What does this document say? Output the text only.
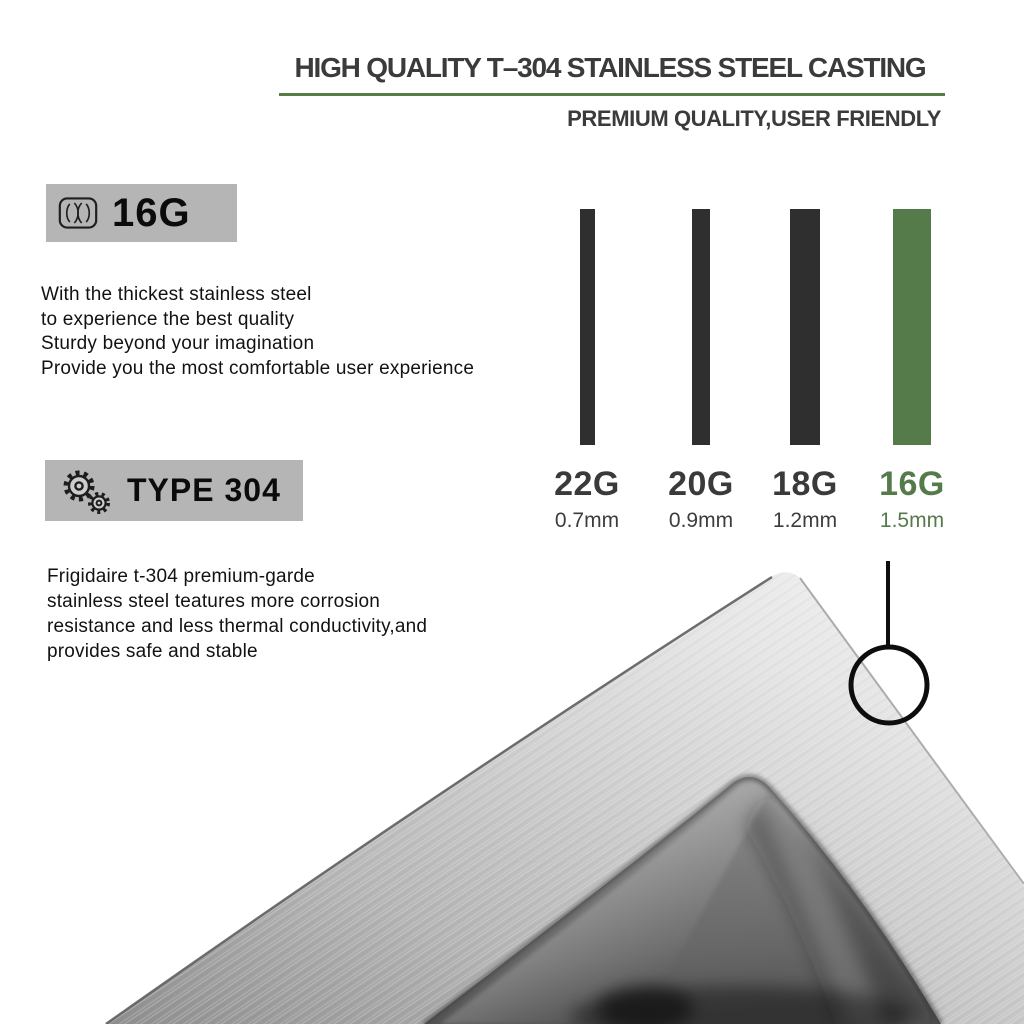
HIGH QUALITY T–304 STAINLESS STEEL CASTING
PREMIUM QUALITY,USER FRIENDLY
16G
With the thickest stainless steel
to experience the best quality
Sturdy beyond your imagination
Provide you the most comfortable user experience
TYPE 304
Frigidaire t-304 premium-garde
stainless steel teatures more corrosion
resistance and less thermal conductivity,and
provides safe and stable
22G
0.7mm
20G
0.9mm
18G
1.2mm
16G
1.5mm
